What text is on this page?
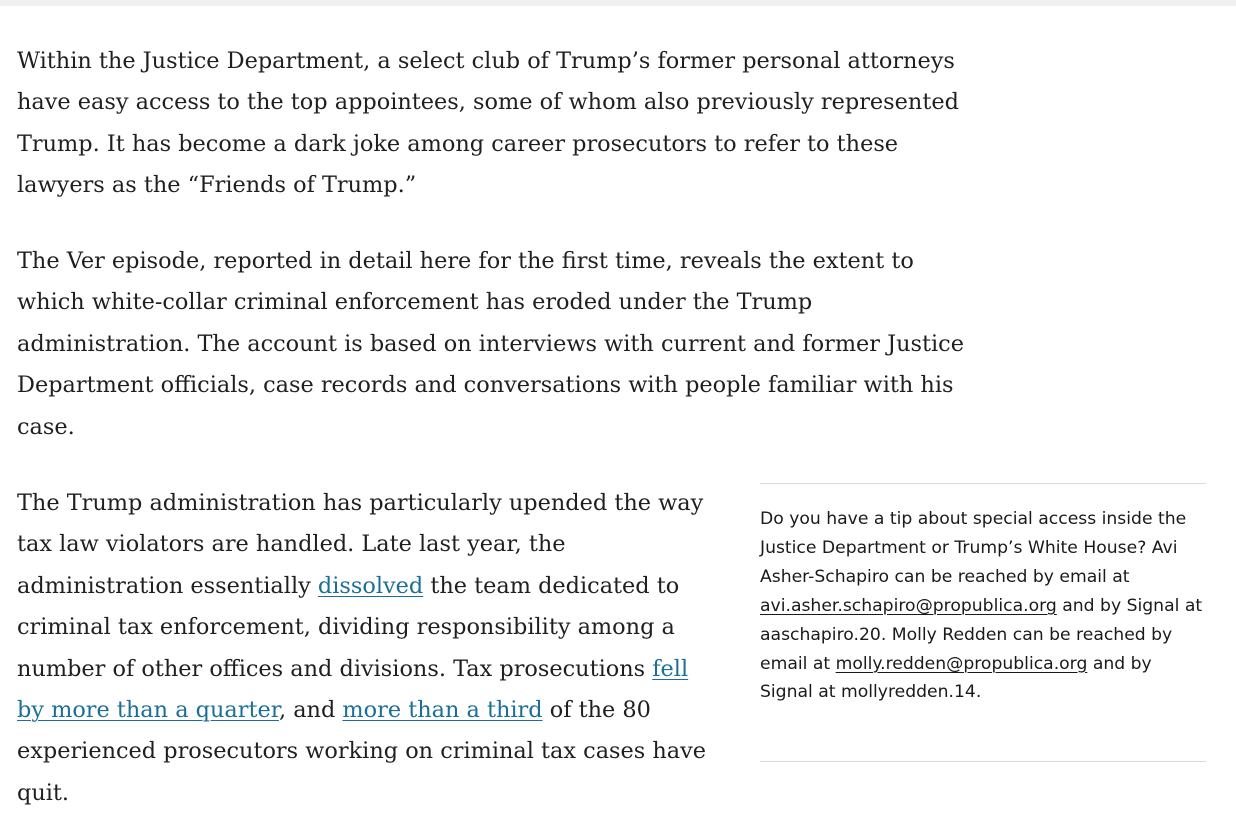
Within the Justice Department, a select club of Trump’s former personal attorneys have easy access to the top appointees, some of whom also previously represented Trump. It has become a dark joke among career prosecutors to refer to these lawyers as the “Friends of Trump.”

The Ver episode, reported in detail here for the first time, reveals the extent to which white-collar criminal enforcement has eroded under the Trump administration. The account is based on interviews with current and former Justice Department officials, case records and conversations with people familiar with his case.

The Trump administration has particularly upended the way tax law violators are handled. Late last year, the administration essentially dissolved the team dedicated to criminal tax enforcement, dividing responsibility among a number of other offices and divisions. Tax prosecutions fell by more than a quarter, and more than a third of the 80 experienced prosecutors working on criminal tax cases have quit.

Do you have a tip about special access inside the Justice Department or Trump’s White House? Avi Asher-Schapiro can be reached by email at avi.asher.schapiro@propublica.org and by Signal at aaschapiro.20. Molly Redden can be reached by email at molly.redden@propublica.org and by Signal at mollyredden.14.
